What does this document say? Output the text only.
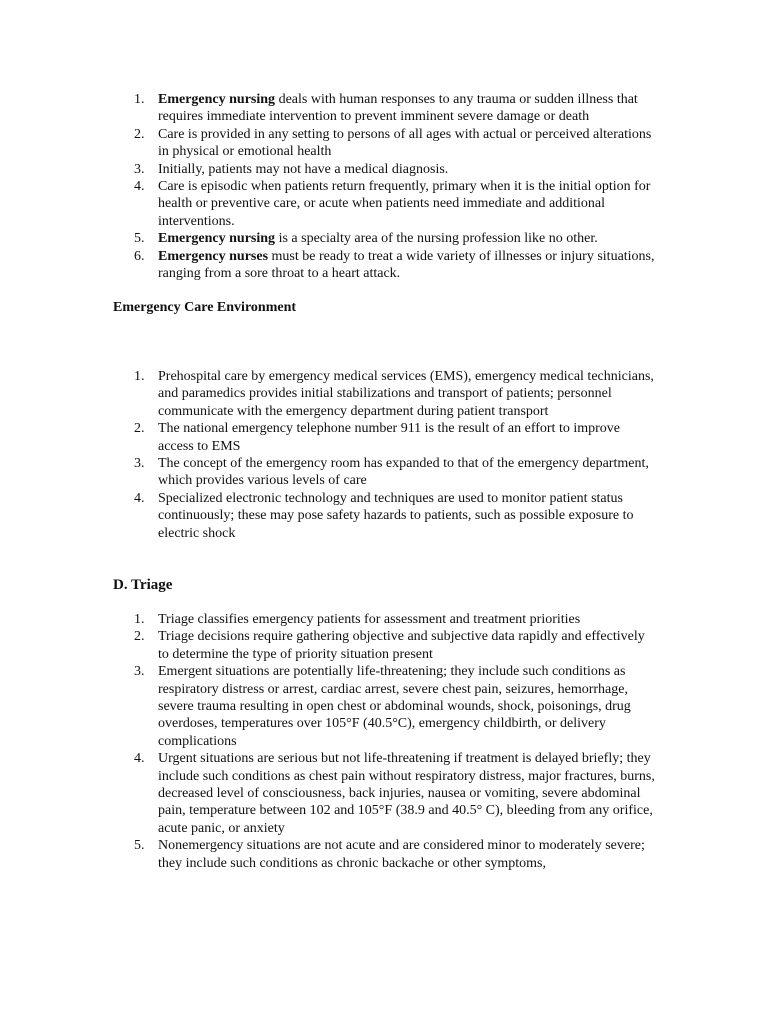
1. Emergency nursing deals with human responses to any trauma or sudden illness that requires immediate intervention to prevent imminent severe damage or death
2. Care is provided in any setting to persons of all ages with actual or perceived alterations in physical or emotional health
3. Initially, patients may not have a medical diagnosis.
4. Care is episodic when patients return frequently, primary when it is the initial option for health or preventive care, or acute when patients need immediate and additional interventions.
5. Emergency nursing is a specialty area of the nursing profession like no other.
6. Emergency nurses must be ready to treat a wide variety of illnesses or injury situations, ranging from a sore throat to a heart attack.
Emergency Care Environment
1. Prehospital care by emergency medical services (EMS), emergency medical technicians, and paramedics provides initial stabilizations and transport of patients; personnel communicate with the emergency department during patient transport
2. The national emergency telephone number 911 is the result of an effort to improve access to EMS
3. The concept of the emergency room has expanded to that of the emergency department, which provides various levels of care
4. Specialized electronic technology and techniques are used to monitor patient status continuously; these may pose safety hazards to patients, such as possible exposure to electric shock
D. Triage
1. Triage classifies emergency patients for assessment and treatment priorities
2. Triage decisions require gathering objective and subjective data rapidly and effectively to determine the type of priority situation present
3. Emergent situations are potentially life-threatening; they include such conditions as respiratory distress or arrest, cardiac arrest, severe chest pain, seizures, hemorrhage, severe trauma resulting in open chest or abdominal wounds, shock, poisonings, drug overdoses, temperatures over 105°F (40.5°C), emergency childbirth, or delivery complications
4. Urgent situations are serious but not life-threatening if treatment is delayed briefly; they include such conditions as chest pain without respiratory distress, major fractures, burns, decreased level of consciousness, back injuries, nausea or vomiting, severe abdominal pain, temperature between 102 and 105°F (38.9 and 40.5° C), bleeding from any orifice, acute panic, or anxiety
5. Nonemergency situations are not acute and are considered minor to moderately severe; they include such conditions as chronic backache or other symptoms,
